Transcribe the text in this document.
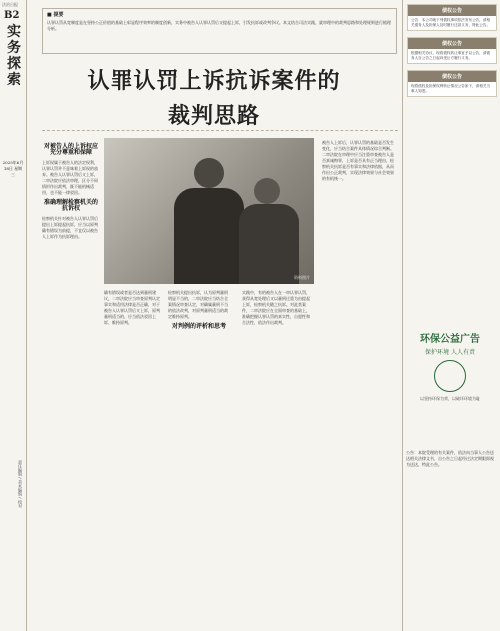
法治日报
B2
实务探索
2025年6月18日 星期三
责任编辑 / 美术编辑 / 校对
■ 提要
认罪认罚从宽制度是在坚持公正价值的基础上彰显程序效率的制度创新，实务中被告人认罪认罚后又提起上诉，引发抗诉或改判争议。本文结合司法实践，就审理中的裁判思路和处理规则进行梳理分析。
认罪认罚上诉抗诉案件的
裁判思路
资料图片
对被告人的上诉权应充分尊重和保障
上诉权属于被告人的法定权利，认罪认罚并不意味着上诉权的放弃。被告人认罪认罚后又上诉，二审法院应依法审理，区分不同情形作出裁判，既不能机械适用，也不能一律驳回。
准确理解检察机关的抗诉权
检察机关针对被告人认罪认罚后提出上诉提起抗诉，应当以原判确有错误为前提，不宜仅以被告人上诉作为抗诉理由。
确有错误或者是否达到量刑建议，二审法院应当审查原判认定事实和适用法律是否正确，对于被告人认罪认罚后又上诉，原判量刑适当的，应当依法驳回上诉、维持原判。
检察机关提出抗诉，认为原判量刑明显不当的，二审法院应当结合全案情况审查认定，对确属量刑不当的依法改判，对原判量刑适当的裁定维持原判。
对判例的评析和思考
实践中，有的被告人在一审认罪认罚，获得从宽处理后又以量刑过重为由提起上诉，检察机关随之抗诉。对此类案件，二审法院应在全面审查的基础上，准确把握认罪认罚的真实性、自愿性和合法性，依法作出裁判。
被告人上诉后，认罪认罚的基础是否发生变化，应当结合案件具体情况综合判断。二审法院在审理中应当注重审查被告人是否真诚悔罪，上诉是否具有正当理由，检察机关抗诉是否有事实和法律依据，从而作出公正裁判，实现法律效果与社会效果的有机统一。
债权公告
公告：本公司就下列债权事项依法发布公告，请相关债务人及担保人及时履行还款义务，特此公告。
债权公告
根据相关协议，现将债权转让事宜予以公告，请债务人自公告之日起向受让方履行义务。
债权公告
现将债权及担保权利转让情况公告如下，请相关当事人知悉。
环保公益广告
保护环境 人人有责
以坚持环保为荣，以破坏环境为耻
公告：本院受理的有关案件，依法向当事人公告送达相关法律文书，自公告之日起经过法定期限即视为送达，特此公告。
